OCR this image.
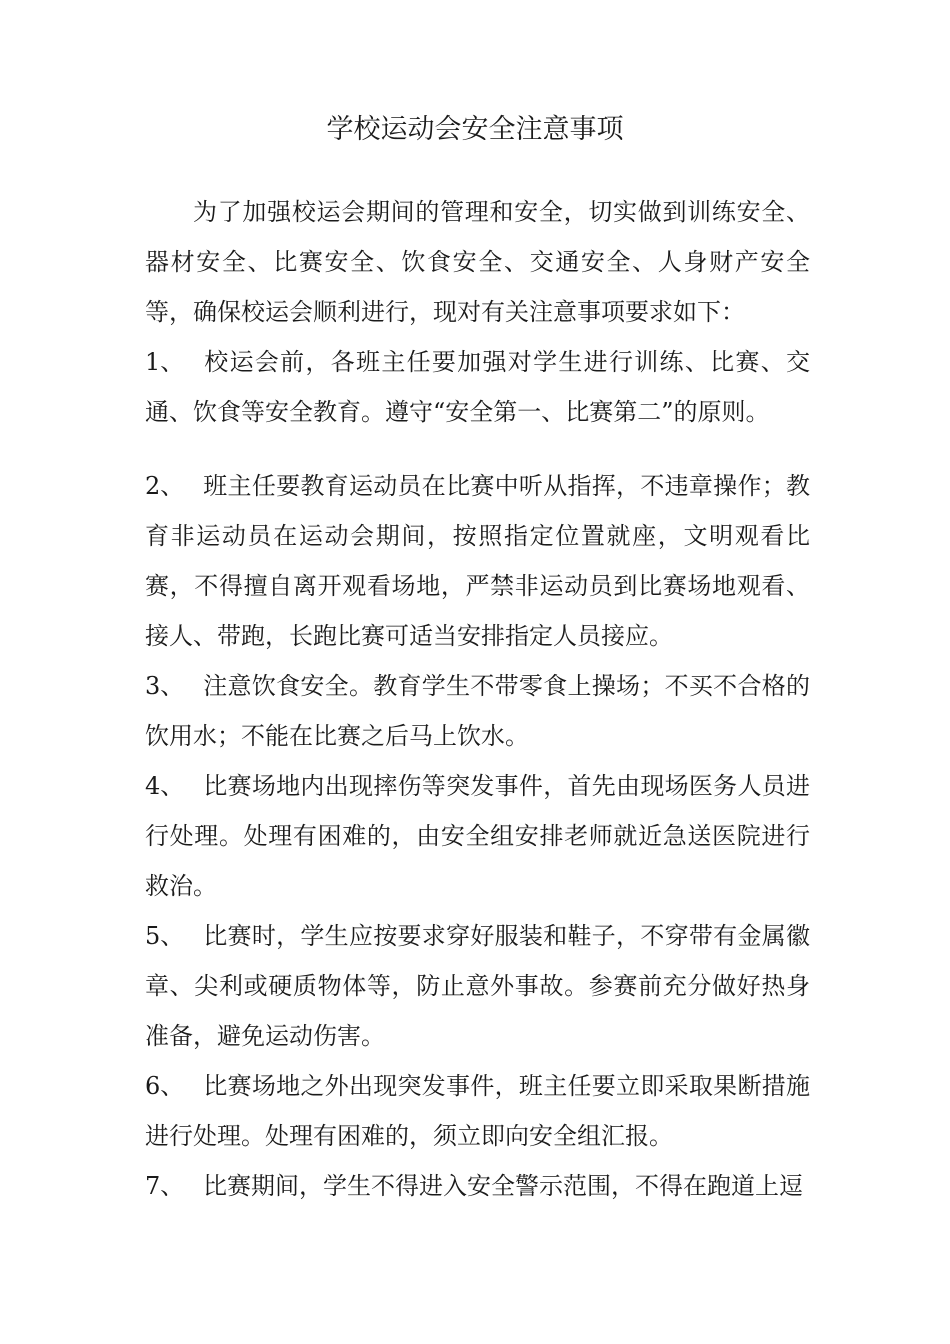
学校运动会安全注意事项

为了加强校运会期间的管理和安全，切实做到训练安全、器材安全、比赛安全、饮食安全、交通安全、人身财产安全等，确保校运会顺利进行，现对有关注意事项要求如下：

1、 校运会前，各班主任要加强对学生进行训练、比赛、交通、饮食等安全教育。遵守“安全第一、比赛第二”的原则。

2、 班主任要教育运动员在比赛中听从指挥，不违章操作；教育非运动员在运动会期间，按照指定位置就座，文明观看比赛，不得擅自离开观看场地，严禁非运动员到比赛场地观看、接人、带跑，长跑比赛可适当安排指定人员接应。

3、 注意饮食安全。教育学生不带零食上操场；不买不合格的饮用水；不能在比赛之后马上饮水。

4、 比赛场地内出现摔伤等突发事件，首先由现场医务人员进行处理。处理有困难的，由安全组安排老师就近急送医院进行救治。

5、 比赛时，学生应按要求穿好服装和鞋子，不穿带有金属徽章、尖利或硬质物体等，防止意外事故。参赛前充分做好热身准备，避免运动伤害。

6、 比赛场地之外出现突发事件，班主任要立即采取果断措施进行处理。处理有困难的，须立即向安全组汇报。

7、 比赛期间，学生不得进入安全警示范围，不得在跑道上逗
